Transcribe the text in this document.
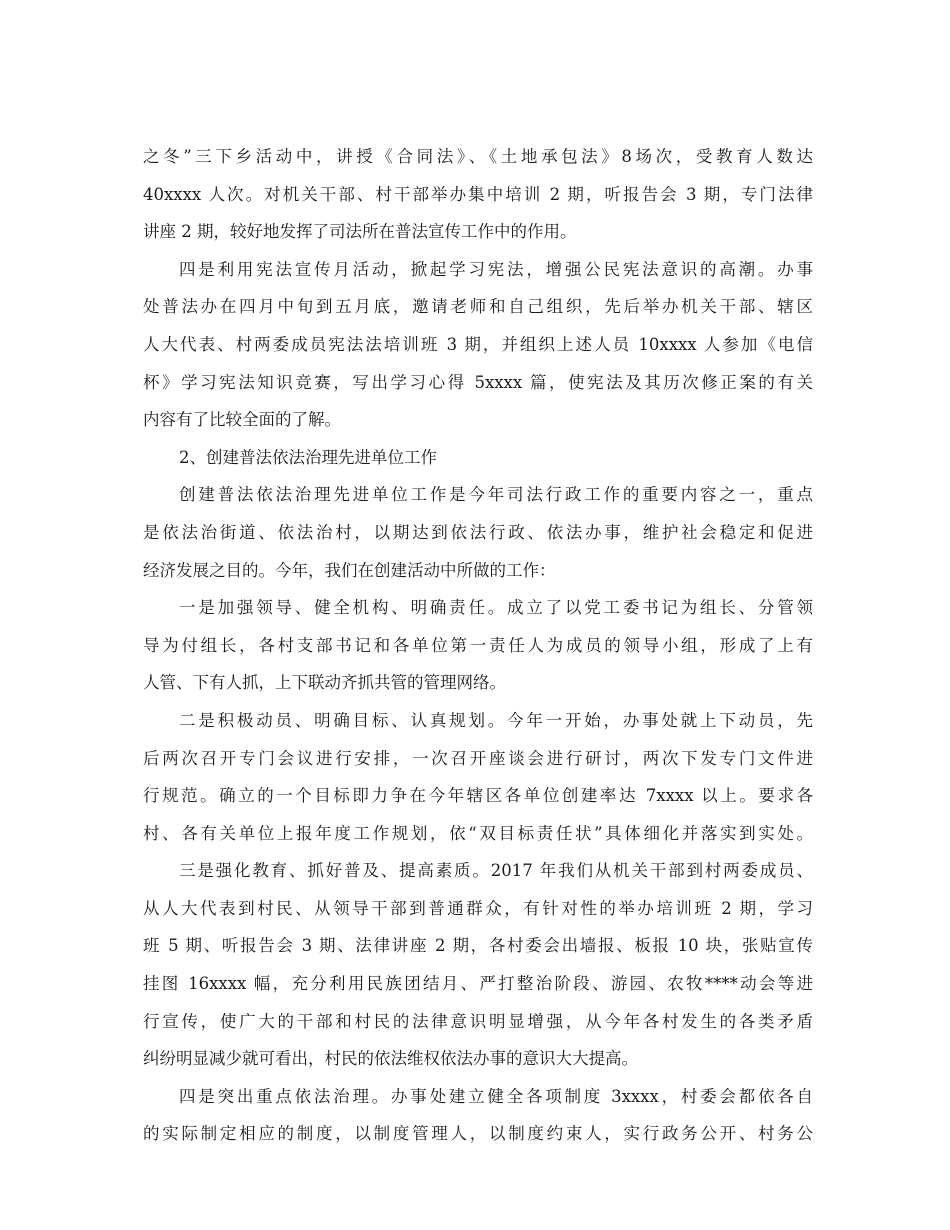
之冬”三下乡活动中，讲授《合同法》、《土地承包法》8场次，受教育人数达
40xxxx 人次。对机关干部、村干部举办集中培训 2 期，听报告会 3 期，专门法律
讲座 2 期，较好地发挥了司法所在普法宣传工作中的作用。
四是利用宪法宣传月活动，掀起学习宪法，增强公民宪法意识的高潮。办事
处普法办在四月中旬到五月底，邀请老师和自己组织，先后举办机关干部、辖区
人大代表、村两委成员宪法法培训班 3 期，并组织上述人员 10xxxx 人参加《电信
杯》学习宪法知识竞赛，写出学习心得 5xxxx 篇，使宪法及其历次修正案的有关
内容有了比较全面的了解。
2、创建普法依法治理先进单位工作
创建普法依法治理先进单位工作是今年司法行政工作的重要内容之一，重点
是依法治街道、依法治村，以期达到依法行政、依法办事，维护社会稳定和促进
经济发展之目的。今年，我们在创建活动中所做的工作：
一是加强领导、健全机构、明确责任。成立了以党工委书记为组长、分管领
导为付组长，各村支部书记和各单位第一责任人为成员的领导小组，形成了上有
人管、下有人抓，上下联动齐抓共管的管理网络。
二是积极动员、明确目标、认真规划。今年一开始，办事处就上下动员，先
后两次召开专门会议进行安排，一次召开座谈会进行研讨，两次下发专门文件进
行规范。确立的一个目标即力争在今年辖区各单位创建率达 7xxxx 以上。要求各
村、各有关单位上报年度工作规划，依“双目标责任状”具体细化并落实到实处。
三是强化教育、抓好普及、提高素质。2017 年我们从机关干部到村两委成员、
从人大代表到村民、从领导干部到普通群众，有针对性的举办培训班 2 期，学习
班 5 期、听报告会 3 期、法律讲座 2 期，各村委会出墙报、板报 10 块，张贴宣传
挂图 16xxxx 幅，充分利用民族团结月、严打整治阶段、游园、农牧****动会等进
行宣传，使广大的干部和村民的法律意识明显增强，从今年各村发生的各类矛盾
纠纷明显减少就可看出，村民的依法维权依法办事的意识大大提高。
四是突出重点依法治理。办事处建立健全各项制度 3xxxx，村委会都依各自
的实际制定相应的制度，以制度管理人，以制度约束人，实行政务公开、村务公
